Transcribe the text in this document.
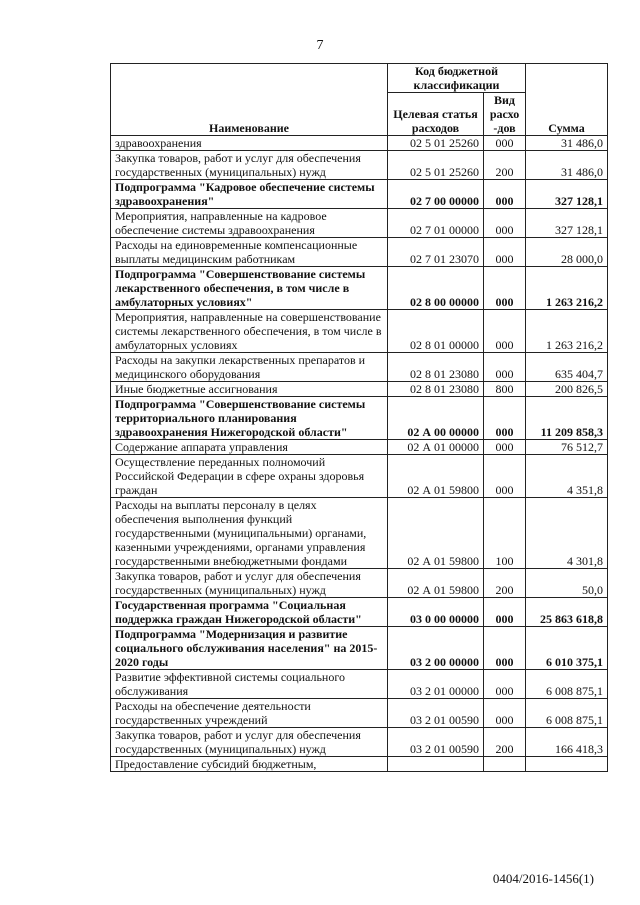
7
Наименование	Код бюджетной классификации		Сумма
	Целевая статья расходов	Вид расхо -дов	
здравоохранения	02 5 01 25260	000	31 486,0
Закупка товаров, работ и услуг для обеспечения государственных (муниципальных) нужд	02 5 01 25260	200	31 486,0
Подпрограмма "Кадровое обеспечение системы здравоохранения"	02 7 00 00000	000	327 128,1
Мероприятия, направленные на кадровое обеспечение системы здравоохранения	02 7 01 00000	000	327 128,1
Расходы на единовременные компенсационные выплаты медицинским работникам	02 7 01 23070	000	28 000,0
Подпрограмма "Совершенствование системы лекарственного обеспечения, в том числе в амбулаторных условиях"	02 8 00 00000	000	1 263 216,2
Мероприятия, направленные на совершенствование системы лекарственного обеспечения, в том числе в амбулаторных условиях	02 8 01 00000	000	1 263 216,2
Расходы на закупки лекарственных препаратов и медицинского оборудования	02 8 01 23080	000	635 404,7
Иные бюджетные ассигнования	02 8 01 23080	800	200 826,5
Подпрограмма "Совершенствование системы территориального планирования здравоохранения Нижегородской области"	02 А 00 00000	000	11 209 858,3
Содержание аппарата управления	02 А 01 00000	000	76 512,7
Осуществление переданных полномочий Российской Федерации в сфере охраны здоровья граждан	02 А 01 59800	000	4 351,8
Расходы на выплаты персоналу в целях обеспечения выполнения функций государственными (муниципальными) органами, казенными учреждениями, органами управления государственными внебюджетными фондами	02 А 01 59800	100	4 301,8
Закупка товаров, работ и услуг для обеспечения государственных (муниципальных) нужд	02 А 01 59800	200	50,0
Государственная программа "Социальная поддержка граждан Нижегородской области"	03 0 00 00000	000	25 863 618,8
Подпрограмма "Модернизация и развитие социального обслуживания населения" на 2015-2020 годы	03 2 00 00000	000	6 010 375,1
Развитие эффективной системы социального обслуживания	03 2 01 00000	000	6 008 875,1
Расходы на обеспечение деятельности государственных учреждений	03 2 01 00590	000	6 008 875,1
Закупка товаров, работ и услуг для обеспечения государственных (муниципальных) нужд	03 2 01 00590	200	166 418,3
Предоставление субсидий бюджетным,			
0404/2016-1456(1)
